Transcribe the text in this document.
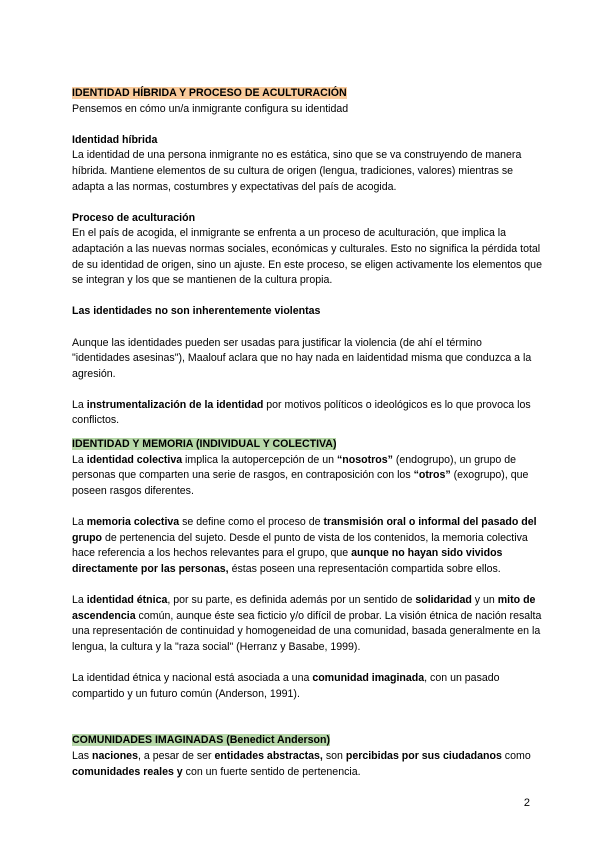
IDENTIDAD HÍBRIDA Y PROCESO DE ACULTURACIÓN

Pensemos en cómo un/a inmigrante configura su identidad

Identidad híbrida

La identidad de una persona inmigrante no es estática, sino que se va construyendo de manera híbrida. Mantiene elementos de su cultura de origen (lengua, tradiciones, valores) mientras se adapta a las normas, costumbres y expectativas del país de acogida.

Proceso de aculturación

En el país de acogida, el inmigrante se enfrenta a un proceso de aculturación, que implica la adaptación a las nuevas normas sociales, económicas y culturales. Esto no significa la pérdida total de su identidad de origen, sino un ajuste. En este proceso, se eligen activamente los elementos que se integran y los que se mantienen de la cultura propia.

Las identidades no son inherentemente violentas

Aunque las identidades pueden ser usadas para justificar la violencia (de ahí el término "identidades asesinas"), Maalouf aclara que no hay nada en laidentidad misma que conduzca a la agresión.

La instrumentalización de la identidad por motivos políticos o ideológicos es lo que provoca los conflictos.

IDENTIDAD Y MEMORIA (INDIVIDUAL Y COLECTIVA)

La identidad colectiva implica la autopercepción de un “nosotros” (endogrupo), un grupo de personas que comparten una serie de rasgos, en contraposición con los “otros” (exogrupo), que poseen rasgos diferentes.

La memoria colectiva se define como el proceso de transmisión oral o informal del pasado del grupo de pertenencia del sujeto. Desde el punto de vista de los contenidos, la memoria colectiva hace referencia a los hechos relevantes para el grupo, que aunque no hayan sido vividos directamente por las personas, éstas poseen una representación compartida sobre ellos.

La identidad étnica, por su parte, es definida además por un sentido de solidaridad y un mito de ascendencia común, aunque éste sea ficticio y/o difícil de probar. La visión étnica de nación resalta una representación de continuidad y homogeneidad de una comunidad, basada generalmente en la lengua, la cultura y la "raza social" (Herranz y Basabe, 1999).

La identidad étnica y nacional está asociada a una comunidad imaginada, con un pasado compartido y un futuro común (Anderson, 1991).

COMUNIDADES IMAGINADAS (Benedict Anderson)

Las naciones, a pesar de ser entidades abstractas, son percibidas por sus ciudadanos como comunidades reales y con un fuerte sentido de pertenencia.

2
